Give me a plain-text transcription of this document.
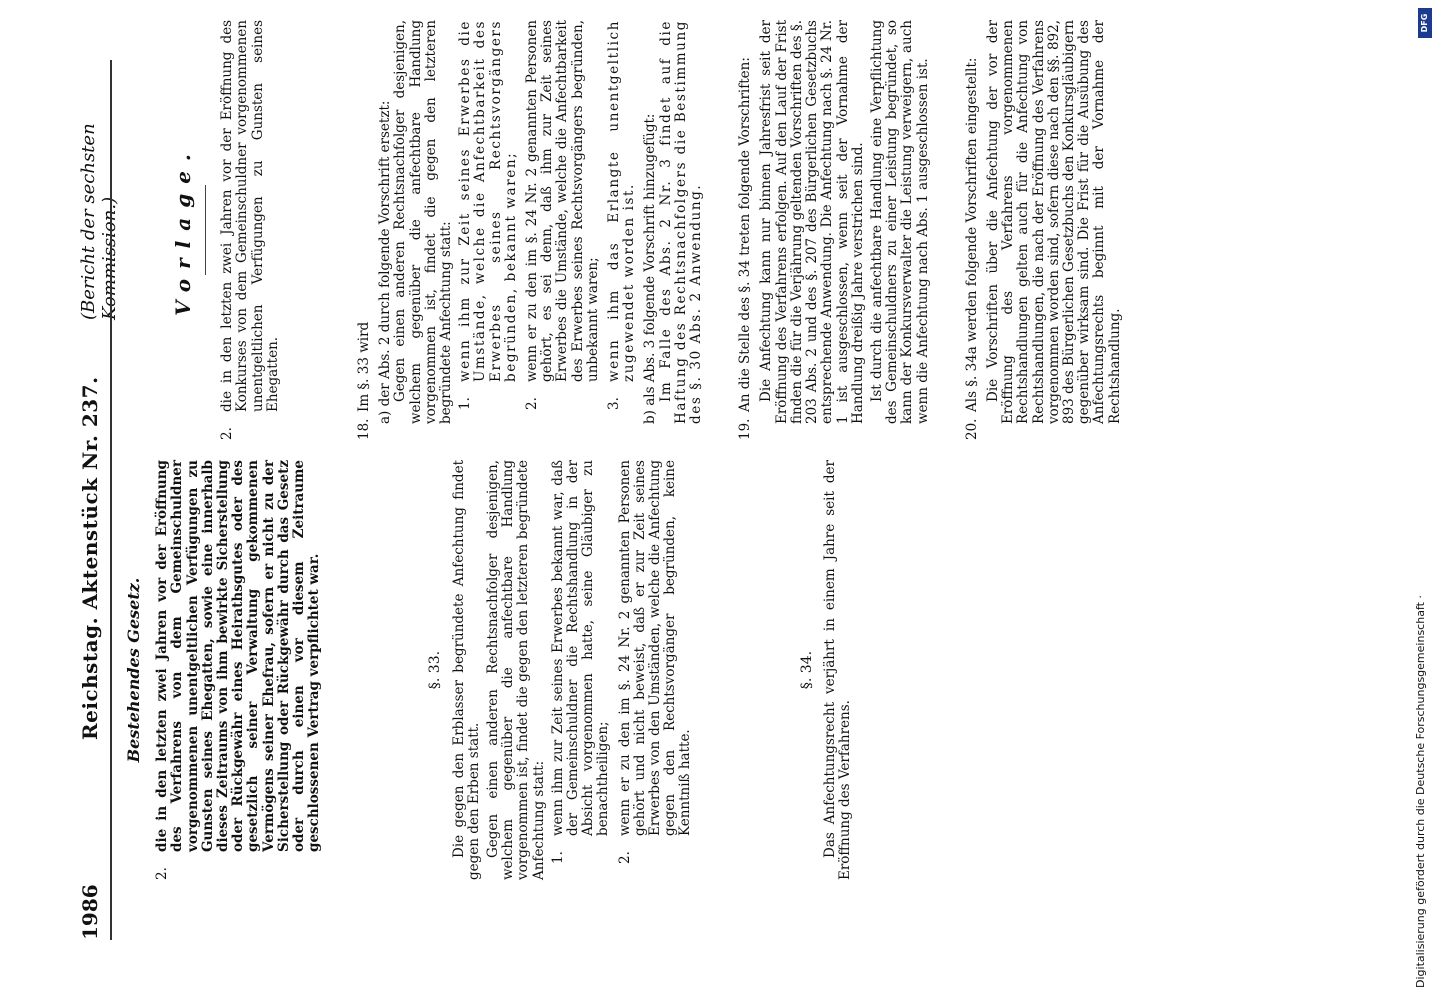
1986
Reichstag. Aktenstück Nr. 237.
(Bericht der sechsten Kommission.)
Bestehendes Gesetz.
2.
die in den letzten zwei Jahren vor der Eröffnung des Verfahrens von dem Gemeinschuldner vorgenommenen unentgeltlichen Verfügungen zu Gunsten seines Ehegatten, sowie eine innerhalb dieses Zeitraums von ihm bewirkte Sicherstellung oder Rückgewähr eines Heirathsgutes oder des gesetzlich seiner Verwaltung gekommenen Vermögens seiner Ehefrau, sofern er nicht zu der Sicherstellung oder Rückgewähr durch das Gesetz oder durch einen vor diesem Zeitraume geschlossenen Vertrag verpflichtet war.	§. 33. Die gegen den Erblasser begründete Anfechtung findet gegen den Erben statt. Gegen einen anderen Rechtsnachfolger desjenigen, welchem gegenüber die anfechtbare Handlung vorgenommen ist, findet die gegen den letzteren begründete Anfechtung statt: 1.
wenn ihm zur Zeit seines Erwerbes bekannt war, daß der Gemeinschuldner die Rechtshandlung in der Absicht vorgenommen hatte, seine Gläubiger zu benachtheiligen;
2.
wenn er zu den im §. 24 Nr. 2 genannten Personen gehört und nicht beweist, daß er zur Zeit seines Erwerbes von den Umständen, welche die Anfechtung gegen den Rechtsvorgänger begründen, keine Kenntniß hatte.
§. 34. Das Anfechtungsrecht verjährt in einem Jahre seit der Eröffnung des Verfahrens.
Vorlage.
2.
die in den letzten zwei Jahren vor der Eröffnung des Konkurses von dem Gemeinschuldner vorgenommenen unentgeltlichen Verfügungen zu Gunsten seines Ehegatten.
18.
Im §. 33 wird a) der Abs. 2 durch folgende Vorschrift ersetzt: Gegen einen anderen Rechtsnachfolger desjenigen, welchem gegenüber die anfechtbare Handlung vorgenommen ist, findet die gegen den letzteren begründete Anfechtung statt: 1.
wenn ihm zur Zeit seines Erwerbes die Umstände, welche die Anfechtbarkeit des Erwerbes seines Rechtsvorgängers begründen, bekannt waren;
2.
wenn er zu den im §. 24 Nr. 2 genannten Personen gehört, es sei denn, daß ihm zur Zeit seines Erwerbes die Umstände, welche die Anfechtbarkeit des Erwerbes seines Rechtsvorgängers begründen, unbekannt waren;
3.
wenn ihm das Erlangte unentgeltlich zugewendet worden ist. b) als Abs. 3 folgende Vorschrift hinzugefügt: Im Falle des Abs. 2 Nr. 3 findet auf die Haftung des Rechtsnachfolgers die Bestimmung des §. 30 Abs. 2 Anwendung.
19.
An die Stelle des §. 34 treten folgende Vorschriften: Die Anfechtung kann nur binnen Jahresfrist seit der Eröffnung des Verfahrens erfolgen. Auf den Lauf der Frist finden die für die Verjährung geltenden Vorschriften des §. 203 Abs. 2 und des §. 207 des Bürgerlichen Gesetzbuchs entsprechende Anwendung. Die Anfechtung nach §. 24 Nr. 1 ist ausgeschlossen, wenn seit der Vornahme der Handlung dreißig Jahre verstrichen sind. Ist durch die anfechtbare Handlung eine Verpflichtung des Gemeinschuldners zu einer Leistung begründet, so kann der Konkursverwalter die Leistung verweigern, auch wenn die Anfechtung nach Abs. 1 ausgeschlossen ist.
20.
Als §. 34a werden folgende Vorschriften eingestellt: Die Vorschriften über die Anfechtung der vor der Eröffnung des Verfahrens vorgenommenen Rechtshandlungen gelten auch für die Anfechtung von Rechtshandlungen, die nach der Eröffnung des Verfahrens vorgenommen worden sind, sofern diese nach den §§. 892, 893 des Bürgerlichen Gesetzbuchs den Konkursgläubigern gegenüber wirksam sind. Die Frist für die Ausübung des Anfechtungsrechts beginnt mit der Vornahme der Rechtshandlung.
Digitalisierung gefördert durch die Deutsche Forschungsgemeinschaft ·
DFG
